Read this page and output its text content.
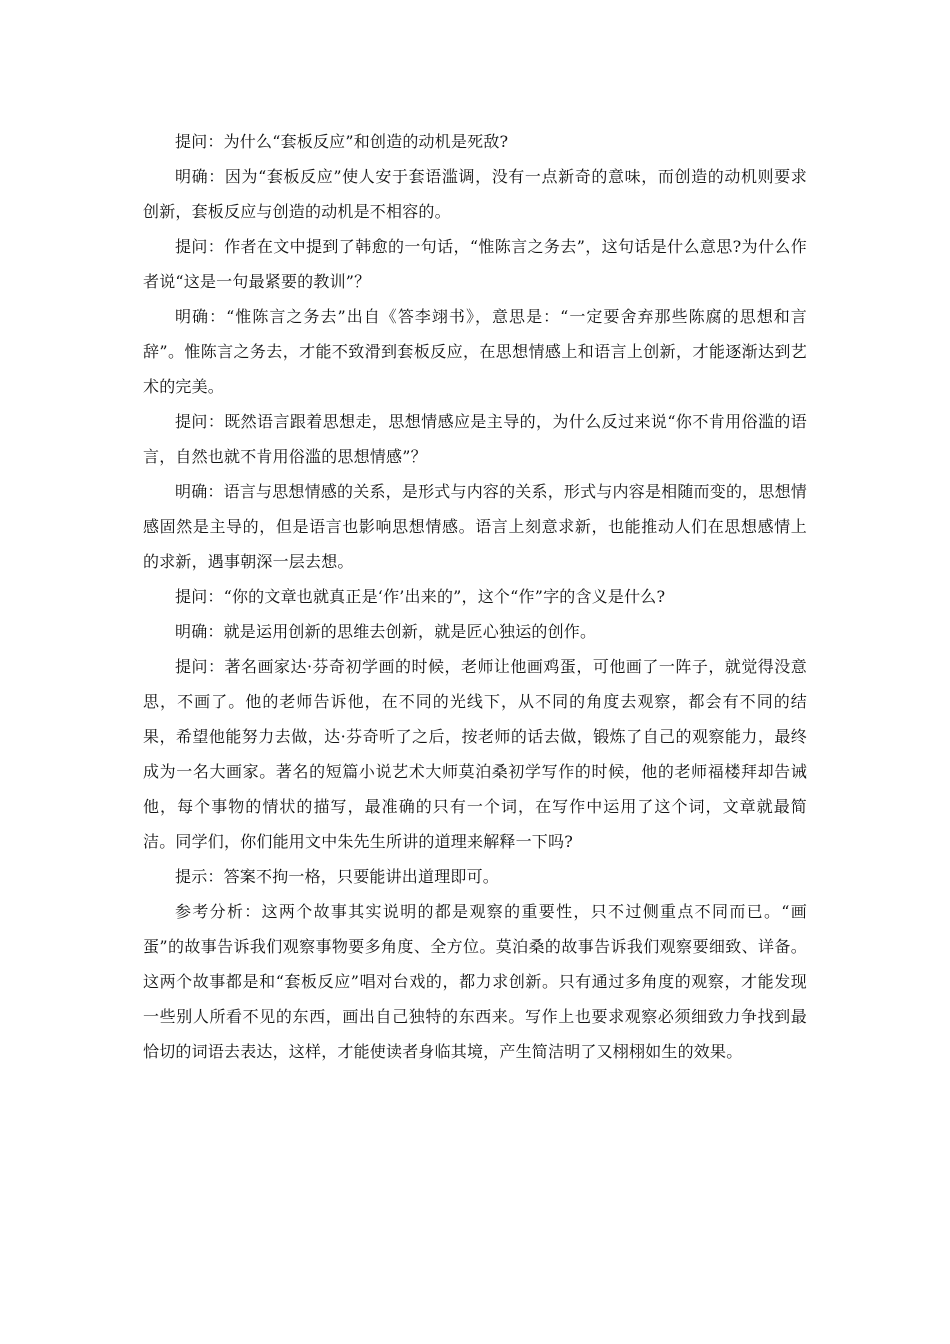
提问：为什么“套板反应”和创造的动机是死敌?

明确：因为“套板反应”使人安于套语滥调，没有一点新奇的意味，而创造的动机则要求创新，套板反应与创造的动机是不相容的。

提问：作者在文中提到了韩愈的一句话，“惟陈言之务去”，这句话是什么意思?为什么作者说“这是一句最紧要的教训”？

明确：“惟陈言之务去”出自《答李翊书》，意思是：“一定要舍弃那些陈腐的思想和言辞”。惟陈言之务去，才能不致滑到套板反应，在思想情感上和语言上创新，才能逐渐达到艺术的完美。

提问：既然语言跟着思想走，思想情感应是主导的，为什么反过来说“你不肯用俗滥的语言，自然也就不肯用俗滥的思想情感”？

明确：语言与思想情感的关系，是形式与内容的关系，形式与内容是相随而变的，思想情感固然是主导的，但是语言也影响思想情感。语言上刻意求新，也能推动人们在思想感情上的求新，遇事朝深一层去想。

提问：“你的文章也就真正是‘作’出来的”，这个“作”字的含义是什么?

明确：就是运用创新的思维去创新，就是匠心独运的创作。

提问：著名画家达·芬奇初学画的时候，老师让他画鸡蛋，可他画了一阵子，就觉得没意思，不画了。他的老师告诉他，在不同的光线下，从不同的角度去观察，都会有不同的结果，希望他能努力去做，达·芬奇听了之后，按老师的话去做，锻炼了自己的观察能力，最终成为一名大画家。著名的短篇小说艺术大师莫泊桑初学写作的时候，他的老师福楼拜却告诫他，每个事物的情状的描写，最准确的只有一个词，在写作中运用了这个词，文章就最简洁。同学们，你们能用文中朱先生所讲的道理来解释一下吗?

提示：答案不拘一格，只要能讲出道理即可。

参考分析：这两个故事其实说明的都是观察的重要性，只不过侧重点不同而已。“画蛋”的故事告诉我们观察事物要多角度、全方位。莫泊桑的故事告诉我们观察要细致、详备。这两个故事都是和“套板反应”唱对台戏的，都力求创新。只有通过多角度的观察，才能发现一些别人所看不见的东西，画出自己独特的东西来。写作上也要求观察必须细致力争找到最恰切的词语去表达，这样，才能使读者身临其境，产生简洁明了又栩栩如生的效果。
